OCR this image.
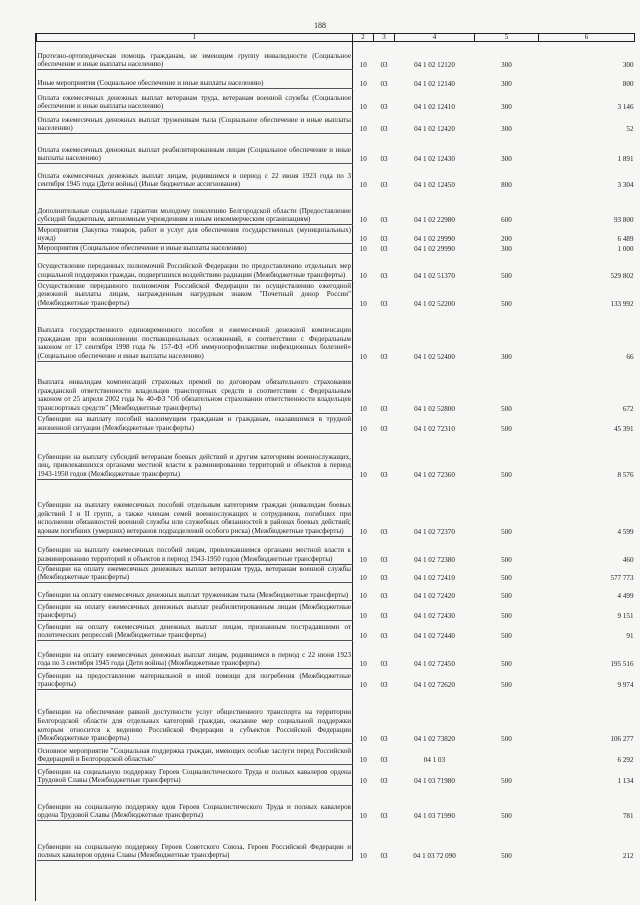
188
1	2	3	4	5	6
Протезно-ортопедическая помощь гражданам, не имеющим группу инвалидности (Социальное обеспечение и иные выплаты населению)	10	03	04 1 02 12120	300	300
Иные мероприятия (Социальное обеспечение и иные выплаты населению)	10	03	04 1 02 12140	300	800
Оплата ежемесячных денежных выплат ветеранам труда, ветеранам военной службы (Социальное обеспечение и иные выплаты населению)	10	03	04 1 02 12410	300	3 146
Оплата ежемесячных денежных выплат труженикам тыла (Социальное обеспечение и иные выплаты населению)	10	03	04 1 02 12420	300	52
Оплата ежемесячных денежных выплат реабилитированным лицам (Социальное обеспечение и иные выплаты населению)	10	03	04 1 02 12430	300	1 891
Оплата ежемесячных денежных выплат лицам, родившимся в период с 22 июня 1923 года по 3 сентября 1945 года (Дети войны) (Иные бюджетные ассигнования)	10	03	04 1 02 12450	800	3 304
Дополнительные социальные гарантии молодому поколению Белгородской области (Предоставление субсидий бюджетным, автономным учреждениям и иным некоммерческим организациям)	10	03	04 1 02 22980	600	93 800
Мероприятия (Закупка товаров, работ и услуг для обеспечения государственных (муниципальных) нужд)	10	03	04 1 02 29990	200	6 489
Мероприятия (Социальное обеспечение и иные выплаты населению)	10	03	04 1 02 29990	300	1 000
Осуществление переданных полномочий Российской Федерации по предоставлению отдельных мер социальной поддержки граждан, подвергшихся воздействию радиации (Межбюджетные трансферты)	10	03	04 1 02 51370	500	529 802
Осуществление переданного полномочия Российской Федерации по осуществлению ежегодной денежной выплаты лицам, награжденным нагрудным знаком "Почетный донор России" (Межбюджетные трансферты)	10	03	04 1 02 52200	500	133 992
Выплата государственного единовременного пособия и ежемесячной денежной компенсации гражданам при возникновении поствакцинальных осложнений, в соответствии с Федеральным законом от 17 сентября 1998 года № 157-ФЗ «Об иммунопрофилактике инфекционных болезней» (Социальное обеспечение и иные выплаты населению)	10	03	04 1 02 52400	300	66
Выплата инвалидам компенсаций страховых премий по договорам обязательного страхования гражданской ответственности владельцев транспортных средств в соответствии с Федеральным законом от 25 апреля 2002 года № 40-ФЗ "Об обязательном страховании ответственности владельцев транспортных средств" (Межбюджетные трансферты)	10	03	04 1 02 52800	500	672
Субвенции на выплату пособий малоимущим гражданам и гражданам, оказавшимся в трудной жизненной ситуации (Межбюджетные трансферты)	10	03	04 1 02 72310	500	45 391
Субвенции на выплату субсидий ветеранам боевых действий и другим категориям военнослужащих, лиц, привлекавшихся органами местной власти к разминированию территорий и объектов в период 1943-1950 годов (Межбюджетные трансферты)	10	03	04 1 02 72360	500	8 576
Субвенции на выплату ежемесячных пособий отдельным категориям граждан (инвалидам боевых действий I и II групп, а также членам семей военнослужащих и сотрудников, погибших при исполнении обязанностей военной службы или служебных обязанностей в районах боевых действий; вдовам погибших (умерших) ветеранов подразделений особого риска) (Межбюджетные трансферты)	10	03	04 1 02 72370	500	4 599
Субвенции на выплату ежемесячных пособий лицам, привлекавшимся органами местной власти к разминированию территорий и объектов в период 1943-1950 годов (Межбюджетные трансферты)	10	03	04 1 02 72380	500	460
Субвенции на оплату ежемесячных денежных выплат ветеранам труда, ветеранам военной службы (Межбюджетные трансферты)	10	03	04 1 02 72410	500	577 773
Субвенции на оплату ежемесячных денежных выплат труженикам тыла (Межбюджетные трансферты)	10	03	04 1 02 72420	500	4 499
Субвенции на оплату ежемесячных денежных выплат реабилитированным лицам (Межбюджетные трансферты)	10	03	04 1 02 72430	500	9 151
Субвенции на оплату ежемесячных денежных выплат лицам, признанным пострадавшими от политических репрессий (Межбюджетные трансферты)	10	03	04 1 02 72440	500	91
Субвенции на оплату ежемесячных денежных выплат лицам, родившимся в период с 22 июня 1923 года по 3 сентября 1945 года (Дети войны) (Межбюджетные трансферты)	10	03	04 1 02 72450	500	195 516
Субвенции на предоставление материальной и иной помощи для погребения (Межбюджетные трансферты)	10	03	04 1 02 72620	500	9 974
Субвенции на обеспечение равной доступности услуг общественного транспорта на территории Белгородской области для отдельных категорий граждан, оказание мер социальной поддержки которым относится к ведению Российской Федерации и субъектов Российской Федерации (Межбюджетные трансферты)	10	03	04 1 02 73820	500	106 277
Основное мероприятие "Социальная поддержка граждан, имеющих особые заслуги перед Российской Федерацией и Белгородской областью"	10	03	04 1 03		6 292
Субвенции на социальную поддержку Героев Социалистического Труда и полных кавалеров ордена Трудовой Славы (Межбюджетные трансферты)	10	03	04 1 03 71980	500	1 134
Субвенции на социальную поддержку вдов Героев Социалистического Труда и полных кавалеров ордена Трудовой Славы (Межбюджетные трансферты)	10	03	04 1 03 71990	500	781
Субвенции на социальную поддержку Героев Советского Союза, Героев Российской Федерации и полных кавалеров ордена Славы (Межбюджетные трансферты)	10	03	04 1 03 72 090	500	212
